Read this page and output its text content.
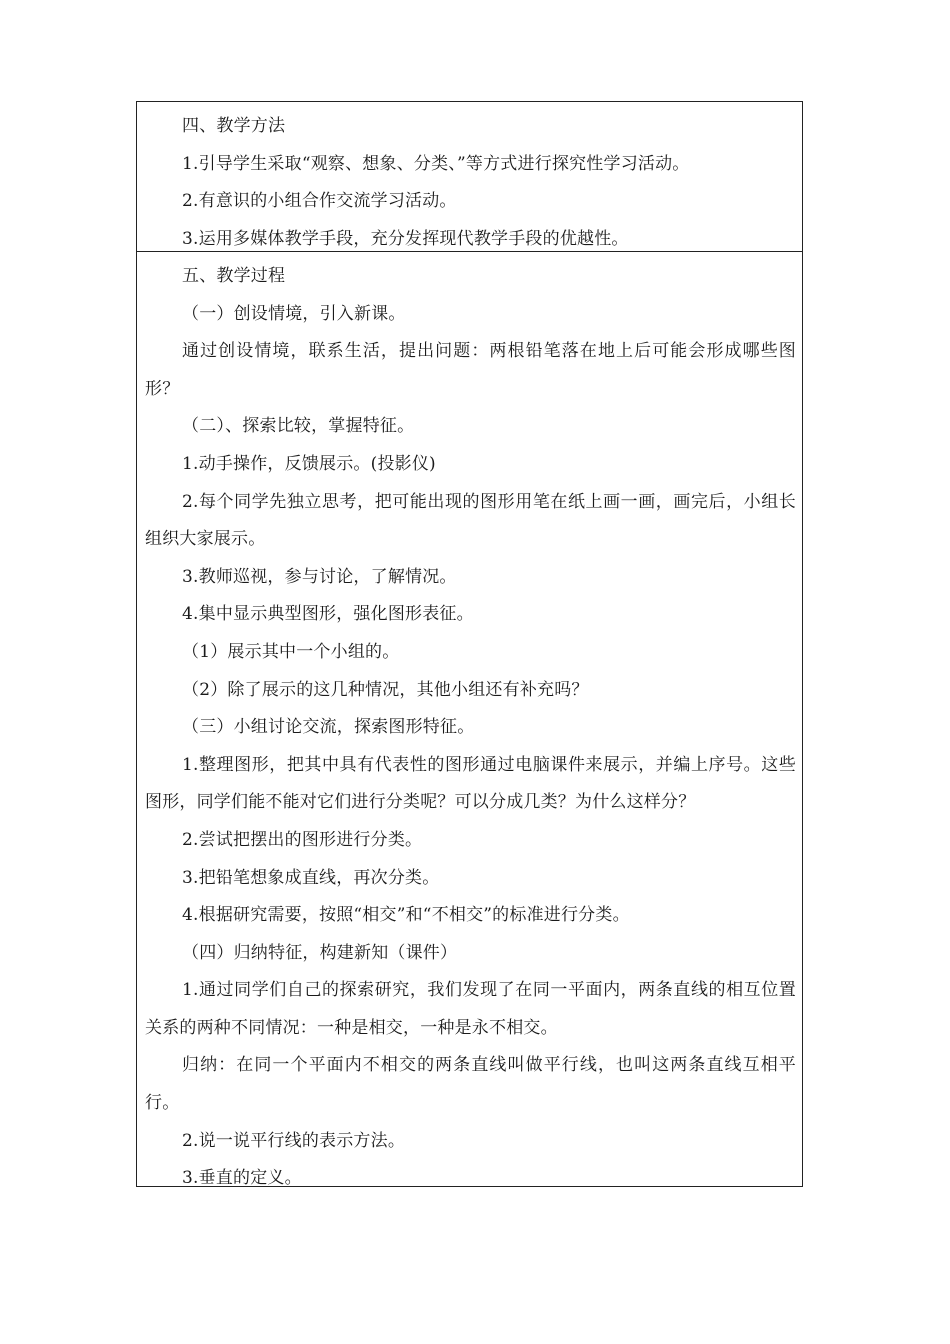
四、教学方法
1.引导学生采取“观察、想象、分类、”等方式进行探究性学习活动。
2.有意识的小组合作交流学习活动。
3.运用多媒体教学手段，充分发挥现代教学手段的优越性。
五、教学过程
（一）创设情境，引入新课。
通过创设情境，联系生活，提出问题：两根铅笔落在地上后可能会形成哪些图形？
（二）、探索比较，掌握特征。
1.动手操作，反馈展示。(投影仪)
2.每个同学先独立思考，把可能出现的图形用笔在纸上画一画，画完后，小组长组织大家展示。
3.教师巡视，参与讨论，了解情况。
4.集中显示典型图形，强化图形表征。
（1）展示其中一个小组的。
（2）除了展示的这几种情况，其他小组还有补充吗？
（三）小组讨论交流，探索图形特征。
1.整理图形，把其中具有代表性的图形通过电脑课件来展示，并编上序号。这些图形，同学们能不能对它们进行分类呢？可以分成几类？为什么这样分？
2.尝试把摆出的图形进行分类。
3.把铅笔想象成直线，再次分类。
4.根据研究需要，按照“相交”和“不相交”的标准进行分类。
（四）归纳特征，构建新知（课件）
1.通过同学们自己的探索研究，我们发现了在同一平面内，两条直线的相互位置关系的两种不同情况：一种是相交，一种是永不相交。
归纳：在同一个平面内不相交的两条直线叫做平行线，也叫这两条直线互相平行。
2.说一说平行线的表示方法。
3.垂直的定义。
